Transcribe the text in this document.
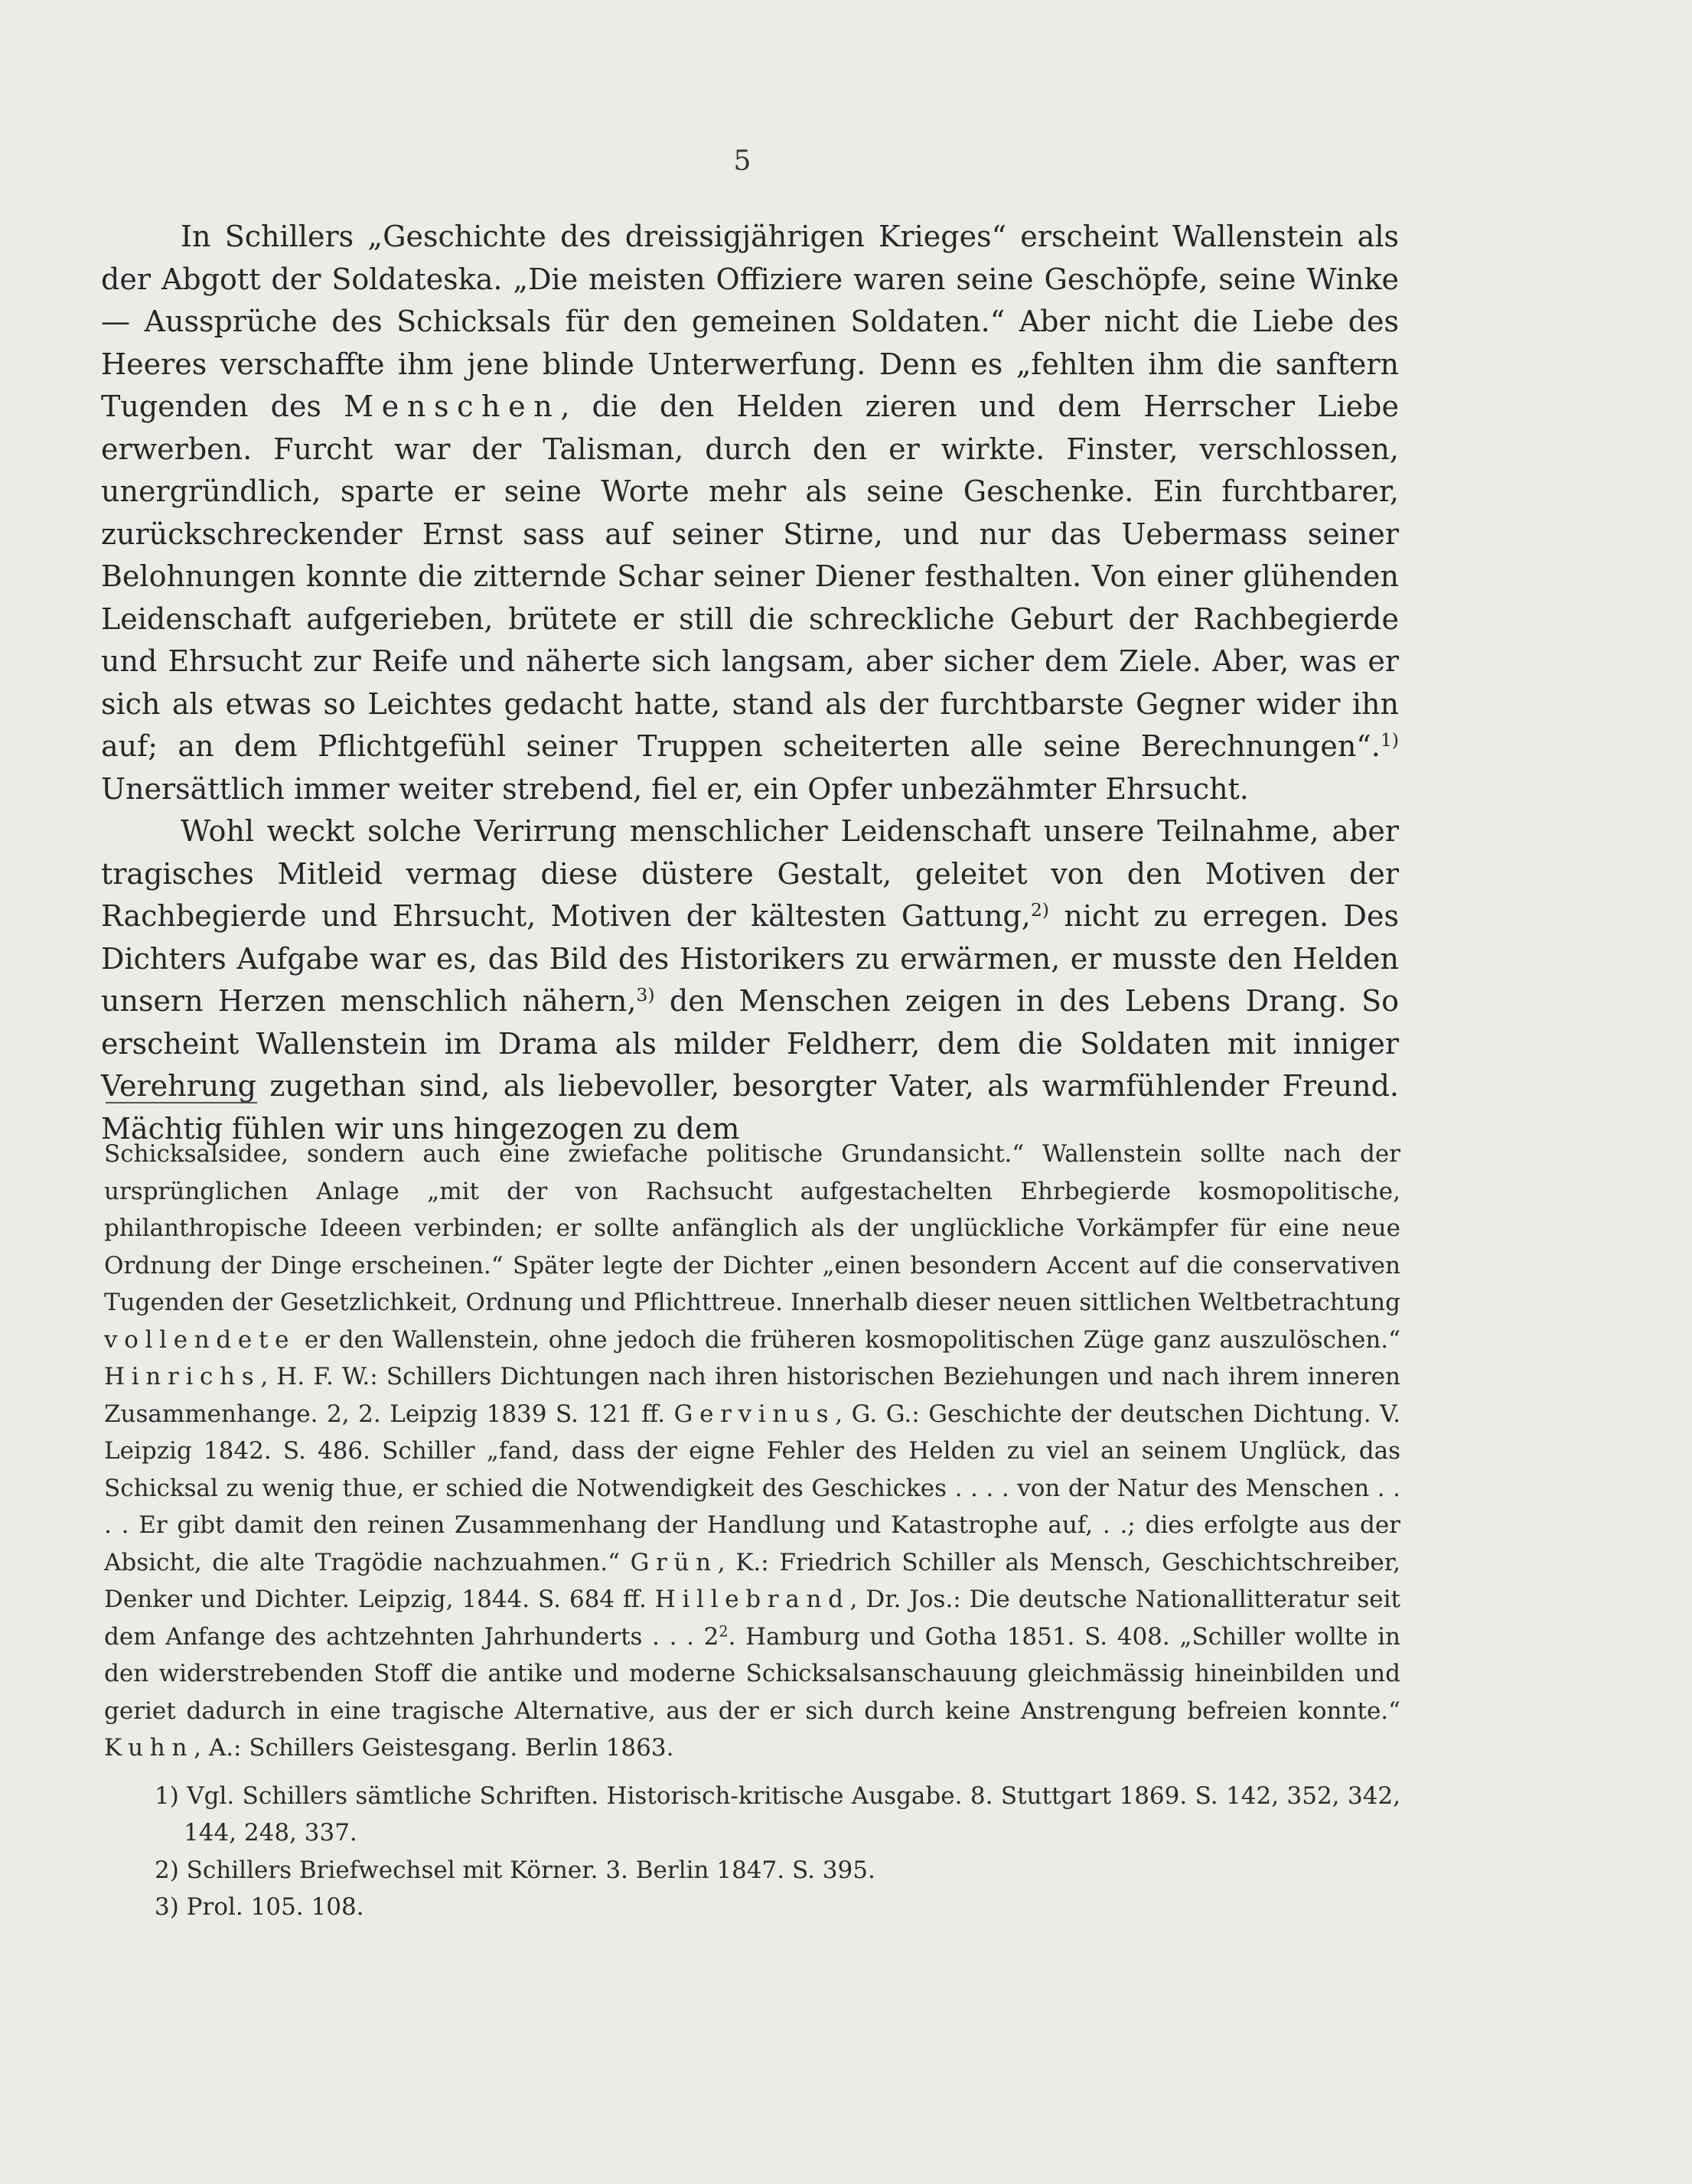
5

In Schillers „Geschichte des dreissigjährigen Krieges“ erscheint Wallenstein als der Abgott der Soldateska. „Die meisten Offiziere waren seine Geschöpfe, seine Winke — Aussprüche des Schicksals für den gemeinen Soldaten.“ Aber nicht die Liebe des Heeres verschaffte ihm jene blinde Unterwerfung. Denn es „fehlten ihm die sanftern Tugenden des Menschen, die den Helden zieren und dem Herrscher Liebe erwerben. Furcht war der Talisman, durch den er wirkte. Finster, verschlossen, unergründlich, sparte er seine Worte mehr als seine Geschenke. Ein furchtbarer, zurückschreckender Ernst sass auf seiner Stirne, und nur das Uebermass seiner Belohnungen konnte die zitternde Schar seiner Diener festhalten. Von einer glühenden Leidenschaft aufgerieben, brütete er still die schreckliche Geburt der Rachbegierde und Ehrsucht zur Reife und näherte sich langsam, aber sicher dem Ziele. Aber, was er sich als etwas so Leichtes gedacht hatte, stand als der furchtbarste Gegner wider ihn auf; an dem Pflichtgefühl seiner Truppen scheiterten alle seine Berechnungen“.$^{1)}$ Unersättlich immer weiter strebend, fiel er, ein Opfer unbezähmter Ehrsucht.

Wohl weckt solche Verirrung menschlicher Leidenschaft unsere Teilnahme, aber tragisches Mitleid vermag diese düstere Gestalt, geleitet von den Motiven der Rachbegierde und Ehrsucht, Motiven der kältesten Gattung,$^{2)}$ nicht zu erregen. Des Dichters Aufgabe war es, das Bild des Historikers zu erwärmen, er musste den Helden unsern Herzen menschlich nähern,$^{3)}$ den Menschen zeigen in des Lebens Drang. So erscheint Wallenstein im Drama als milder Feldherr, dem die Soldaten mit inniger Verehrung zugethan sind, als liebevoller, besorgter Vater, als warmfühlender Freund. Mächtig fühlen wir uns hingezogen zu dem

Schicksalsidee, sondern auch eine zwiefache politische Grundansicht.“ Wallenstein sollte nach der ursprünglichen Anlage „mit der von Rachsucht aufgestachelten Ehrbegierde kosmopolitische, philanthropische Ideeen verbinden; er sollte anfänglich als der unglückliche Vorkämpfer für eine neue Ordnung der Dinge erscheinen.“ Später legte der Dichter „einen besondern Accent auf die conservativen Tugenden der Gesetzlichkeit, Ordnung und Pflichttreue. Innerhalb dieser neuen sittlichen Weltbetrachtung vollendete er den Wallenstein, ohne jedoch die früheren kosmopolitischen Züge ganz auszulöschen.“ Hinrichs, H. F. W.: Schillers Dichtungen nach ihren historischen Beziehungen und nach ihrem inneren Zusammenhange. 2, 2. Leipzig 1839 S. 121 ff. Gervinus, G. G.: Geschichte der deutschen Dichtung. V. Leipzig 1842. S. 486. Schiller „fand, dass der eigne Fehler des Helden zu viel an seinem Unglück, das Schicksal zu wenig thue, er schied die Notwendigkeit des Geschickes . . . . von der Natur des Menschen . . . . Er gibt damit den reinen Zusammenhang der Handlung und Katastrophe auf, . .; dies erfolgte aus der Absicht, die alte Tragödie nachzuahmen.“ Grün, K.: Friedrich Schiller als Mensch, Geschichtschreiber, Denker und Dichter. Leipzig, 1844. S. 684 ff. Hillebrand, Dr. Jos.: Die deutsche Nationallitteratur seit dem Anfange des achtzehnten Jahrhunderts . . . $2^2$. Hamburg und Gotha 1851. S. 408. „Schiller wollte in den widerstrebenden Stoff die antike und moderne Schicksalsanschauung gleichmässig hineinbilden und geriet dadurch in eine tragische Alternative, aus der er sich durch keine Anstrengung befreien konnte.“ Kuhn, A.: Schillers Geistesgang. Berlin 1863.

1) Vgl. Schillers sämtliche Schriften. Historisch-kritische Ausgabe. 8. Stuttgart 1869. S. 142, 352, 342, 144, 248, 337.

2) Schillers Briefwechsel mit Körner. 3. Berlin 1847. S. 395.

3) Prol. 105. 108.
